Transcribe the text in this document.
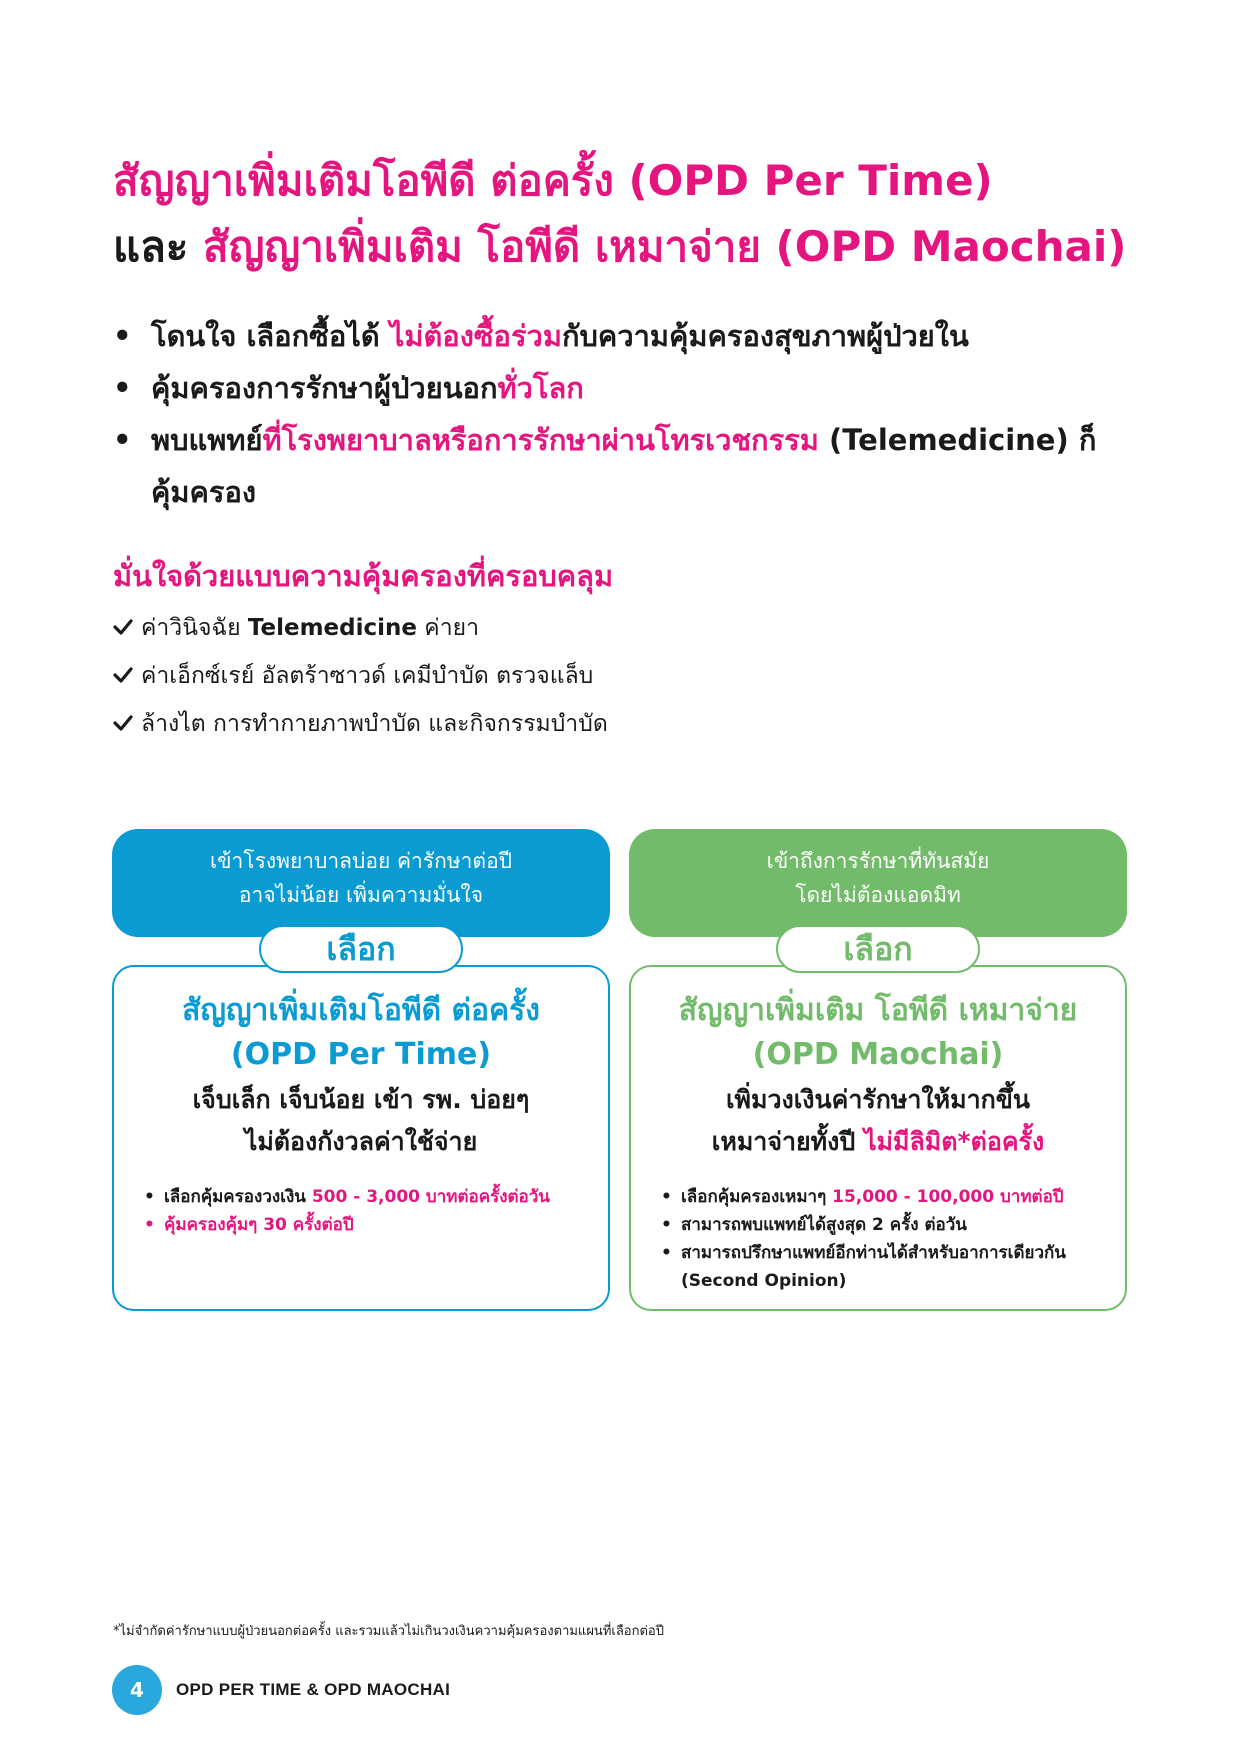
สัญญาเพิ่มเติมโอพีดี ต่อครั้ง (OPD Per Time)
และ สัญญาเพิ่มเติม โอพีดี เหมาจ่าย (OPD Maochai)
• โดนใจ เลือกซื้อได้ ไม่ต้องซื้อร่วมกับความคุ้มครองสุขภาพผู้ป่วยใน
• คุ้มครองการรักษาผู้ป่วยนอกทั่วโลก
• พบแพทย์ที่โรงพยาบาลหรือการรักษาผ่านโทรเวชกรรม (Telemedicine) ก็คุ้มครอง
มั่นใจด้วยแบบความคุ้มครองที่ครอบคลุม
ค่าวินิจฉัย Telemedicine ค่ายา
ค่าเอ็กซ์เรย์ อัลตร้าซาวด์ เคมีบำบัด ตรวจแล็บ
ล้างไต การทำกายภาพบำบัด และกิจกรรมบำบัด
เข้าโรงพยาบาลบ่อย ค่ารักษาต่อปี
อาจไม่น้อย เพิ่มความมั่นใจ
สัญญาเพิ่มเติมโอพีดี ต่อครั้ง
(OPD Per Time)
เจ็บเล็ก เจ็บน้อย เข้า รพ. บ่อยๆ
ไม่ต้องกังวลค่าใช้จ่าย
• เลือกคุ้มครองวงเงิน 500 - 3,000 บาทต่อครั้งต่อวัน
• คุ้มครองคุ้มๆ 30 ครั้งต่อปี
เลือก
เข้าถึงการรักษาที่ทันสมัย
โดยไม่ต้องแอดมิท
สัญญาเพิ่มเติม โอพีดี เหมาจ่าย
(OPD Maochai)
เพิ่มวงเงินค่ารักษาให้มากขึ้น
เหมาจ่ายทั้งปี ไม่มีลิมิต*ต่อครั้ง
• เลือกคุ้มครองเหมาๆ 15,000 - 100,000 บาทต่อปี
• สามารถพบแพทย์ได้สูงสุด 2 ครั้ง ต่อวัน
• สามารถปรึกษาแพทย์อีกท่านได้สำหรับอาการเดียวกัน (Second Opinion)
เลือก
*ไม่จำกัดค่ารักษาแบบผู้ป่วยนอกต่อครั้ง และรวมแล้วไม่เกินวงเงินความคุ้มครองตามแผนที่เลือกต่อปี
4	OPD PER TIME & OPD MAOCHAI
